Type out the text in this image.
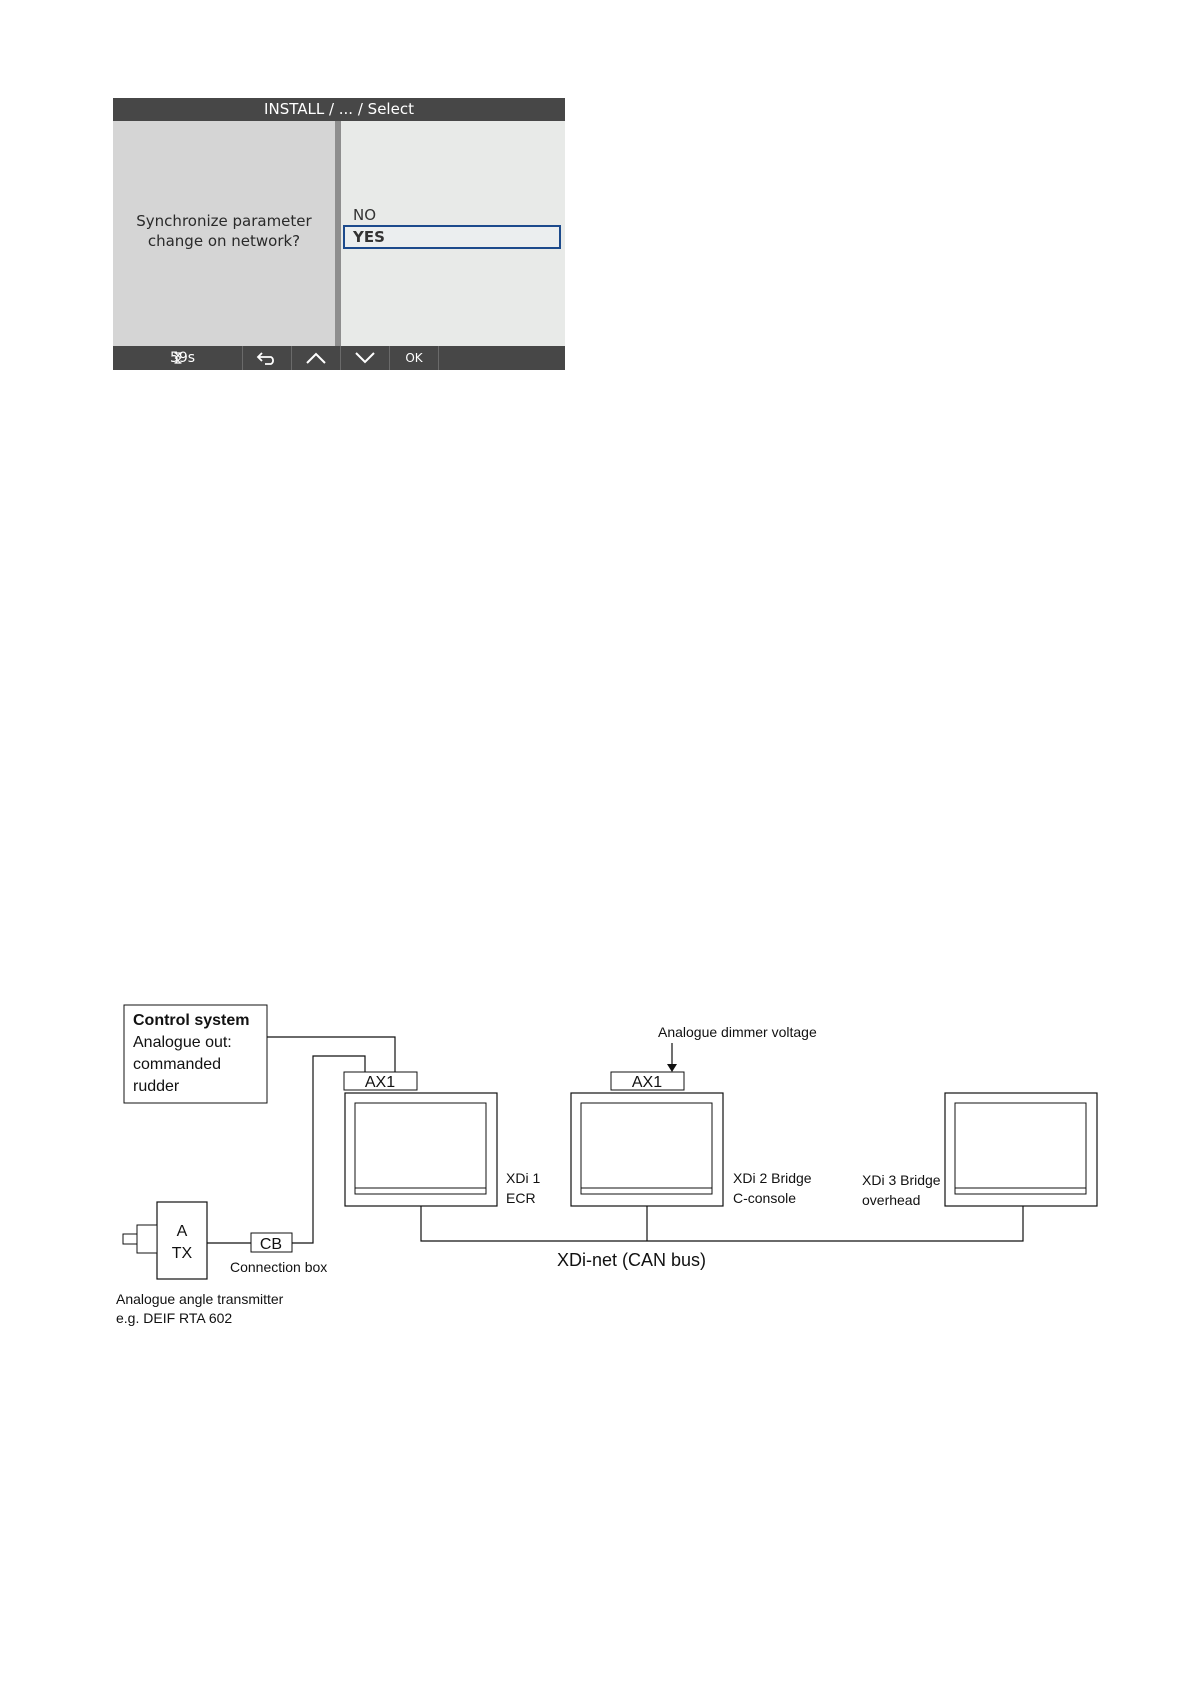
INSTALL / ... / Select
Synchronize parameter
change on network?
NO
YES
59s	OK
Control system
Analogue out:
commanded
rudder	AX1
XDi 1
ECR
Analogue dimmer voltage
AX1
XDi 2 Bridge
C-console
XDi 3 Bridge
overhead
XDi-net (CAN bus)
A
TX
CB
Connection box
Analogue angle transmitter
e.g. DEIF RTA 602
